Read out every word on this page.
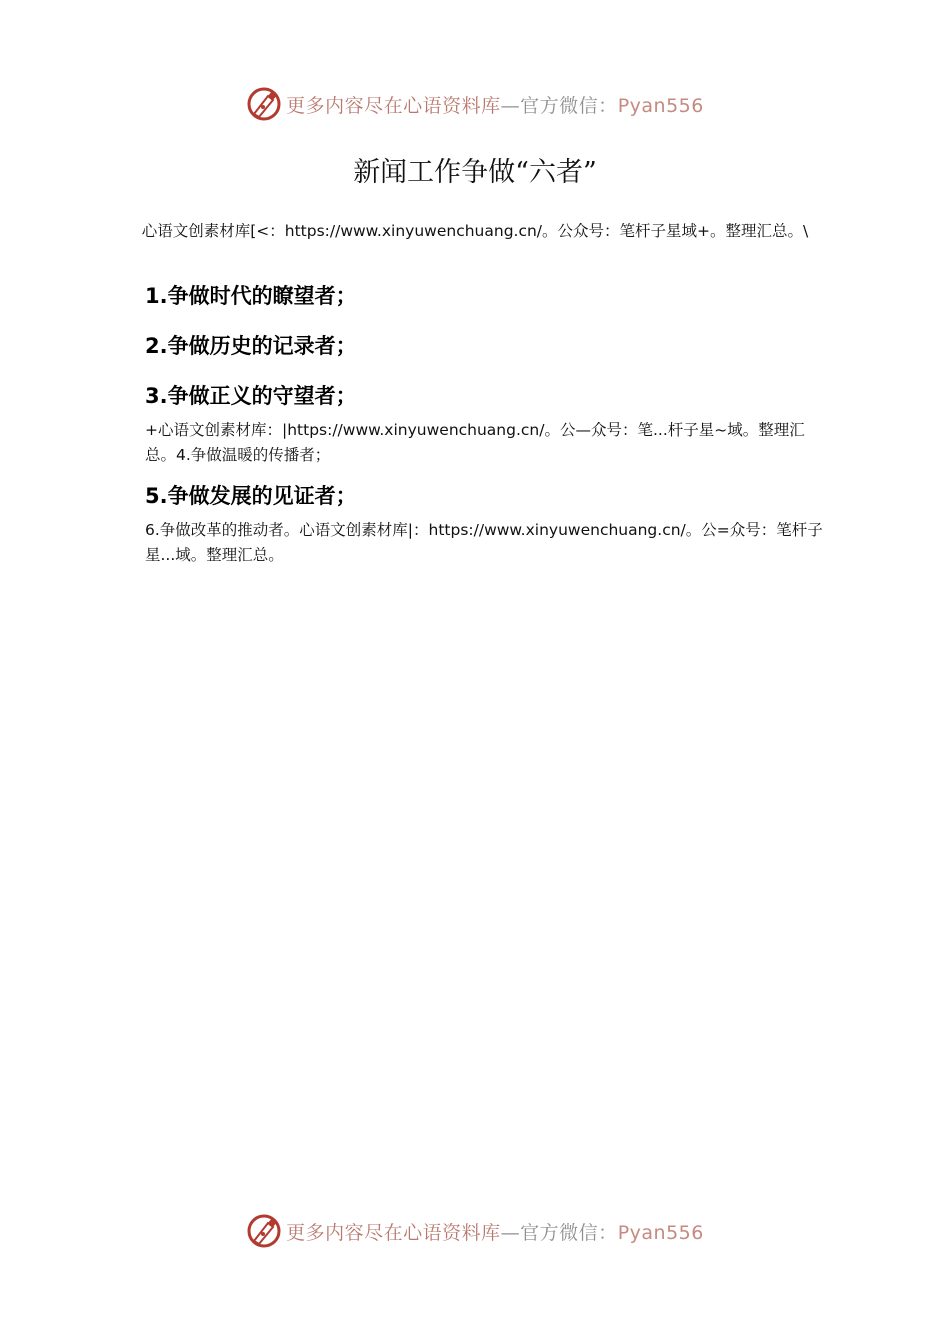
更多内容尽在心语资料库—官方微信：Pyan556
新闻工作争做“六者”

心语文创素材库[<：https://www.xinyuwenchuang.cn/。公众号：笔杆子星域+。整理汇总。\

1.争做时代的瞭望者；
2.争做历史的记录者；
3.争做正义的守望者；

+心语文创素材库：|https://www.xinyuwenchuang.cn/。公—众号：笔...杆子星~域。整理汇总。4.争做温暖的传播者；

5.争做发展的见证者；

6.争做改革的推动者。心语文创素材库|：https://www.xinyuwenchuang.cn/。公=众号：笔杆子星...域。整理汇总。

更多内容尽在心语资料库—官方微信：Pyan556
